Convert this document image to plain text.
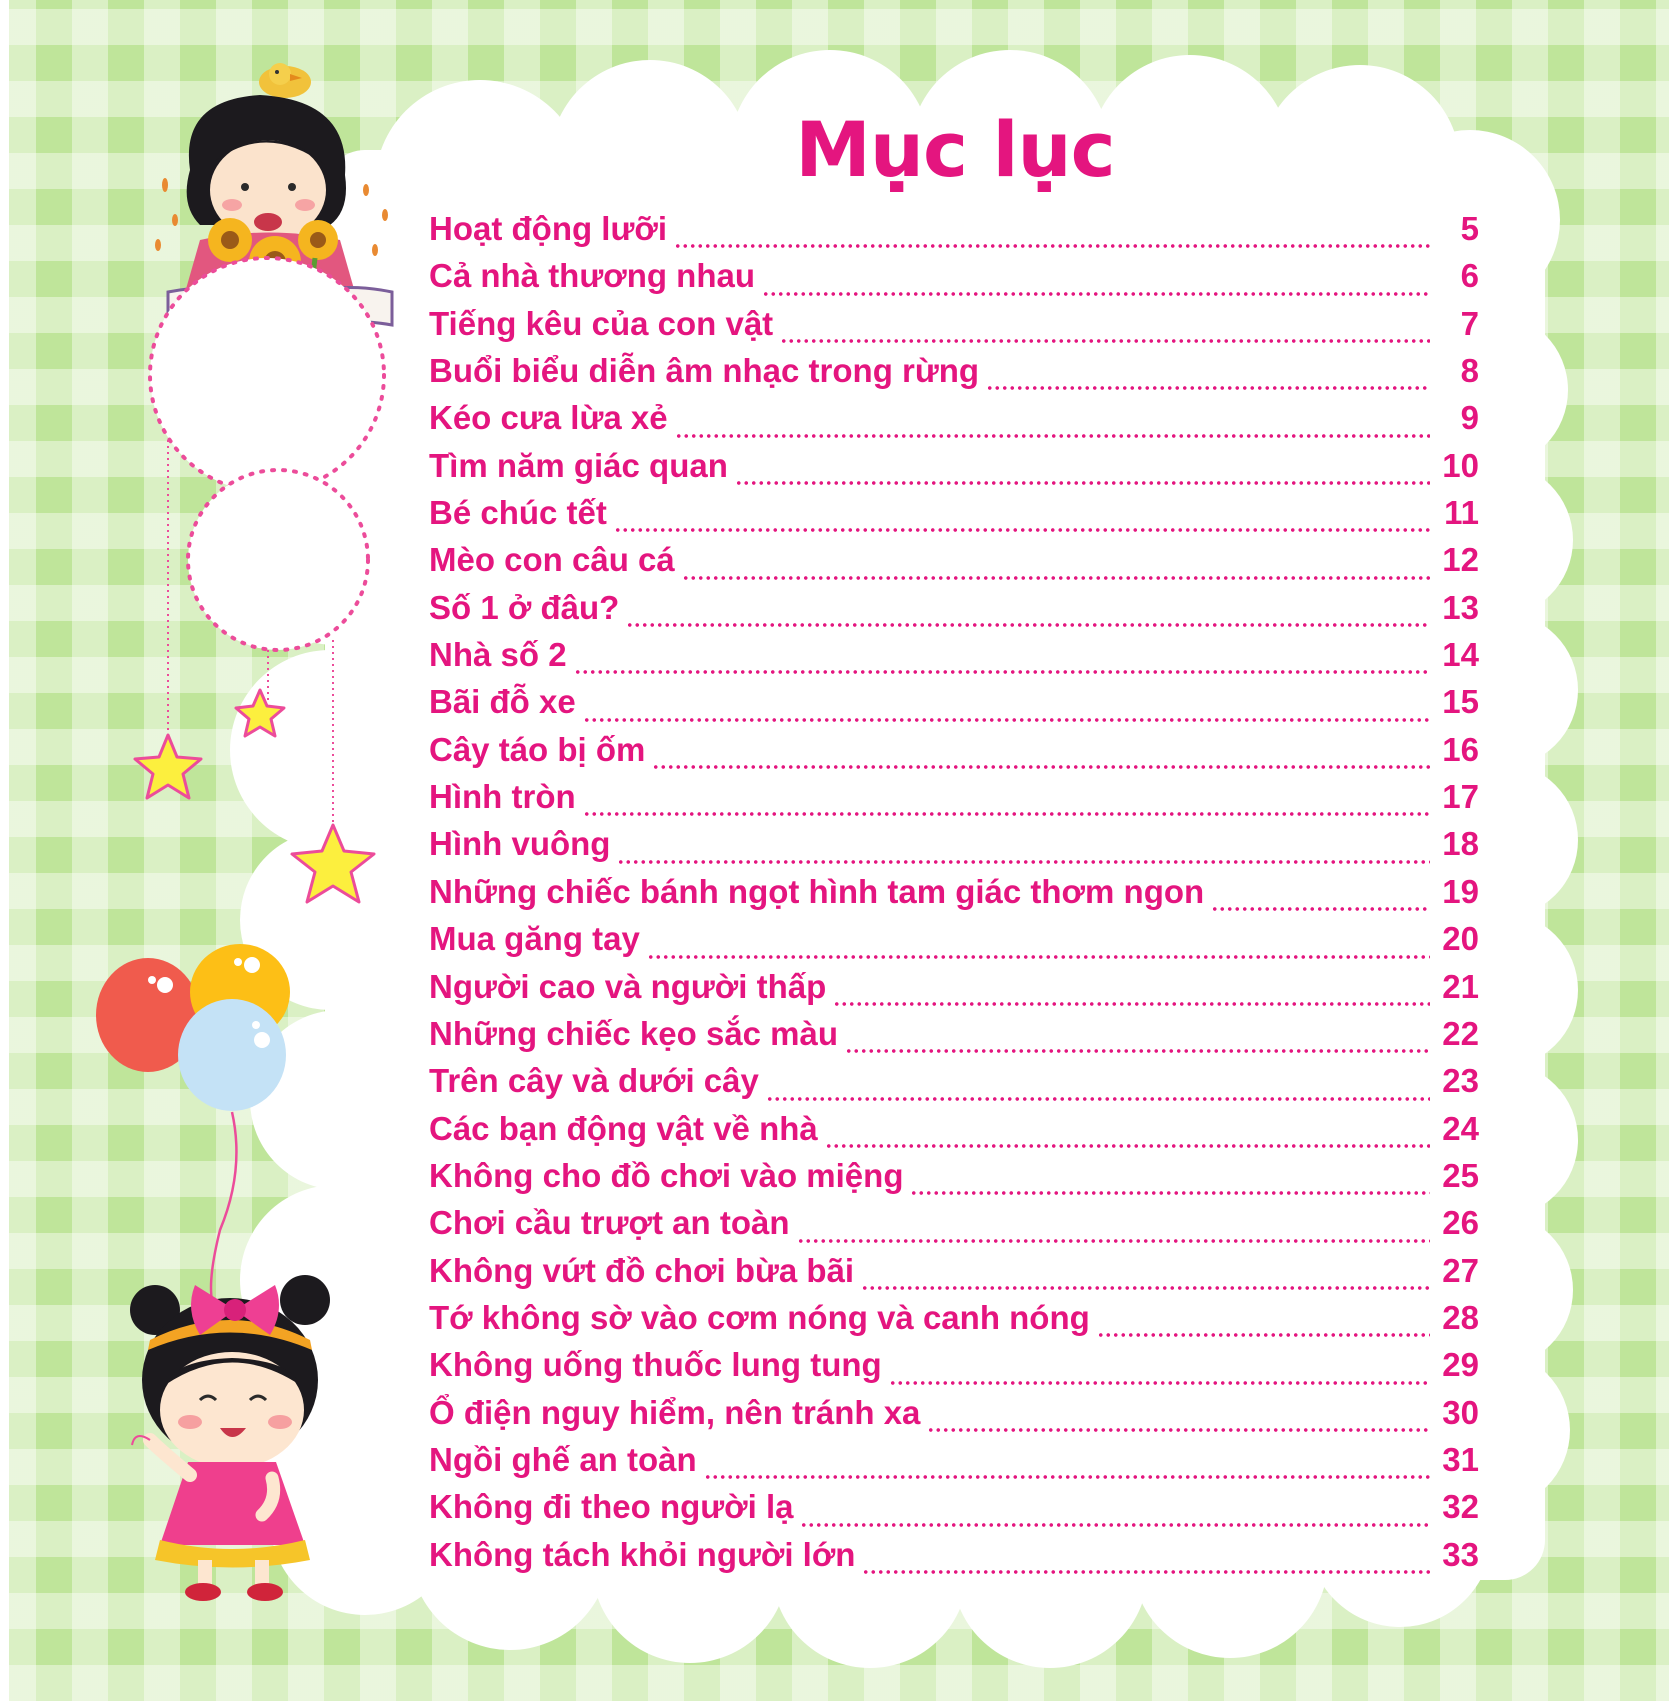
Mục lục
Hoạt động lưỡi	5
Cả nhà thương nhau	6
Tiếng kêu của con vật	7
Buổi biểu diễn âm nhạc trong rừng	8
Kéo cưa lừa xẻ	9
Tìm năm giác quan	10
Bé chúc tết	11
Mèo con câu cá	12
Số 1 ở đâu?	13
Nhà số 2	14
Bãi đỗ xe	15
Cây táo bị ốm	16
Hình tròn	17
Hình vuông	18
Những chiếc bánh ngọt hình tam giác thơm ngon	19
Mua găng tay	20
Người cao và người thấp	21
Những chiếc kẹo sắc màu	22
Trên cây và dưới cây	23
Các bạn động vật về nhà	24
Không cho đồ chơi vào miệng	25
Chơi cầu trượt an toàn	26
Không vứt đồ chơi bừa bãi	27
Tớ không sờ vào cơm nóng và canh nóng	28
Không uống thuốc lung tung	29
Ổ điện nguy hiểm, nên tránh xa	30
Ngồi ghế an toàn	31
Không đi theo người lạ	32
Không tách khỏi người lớn	33
